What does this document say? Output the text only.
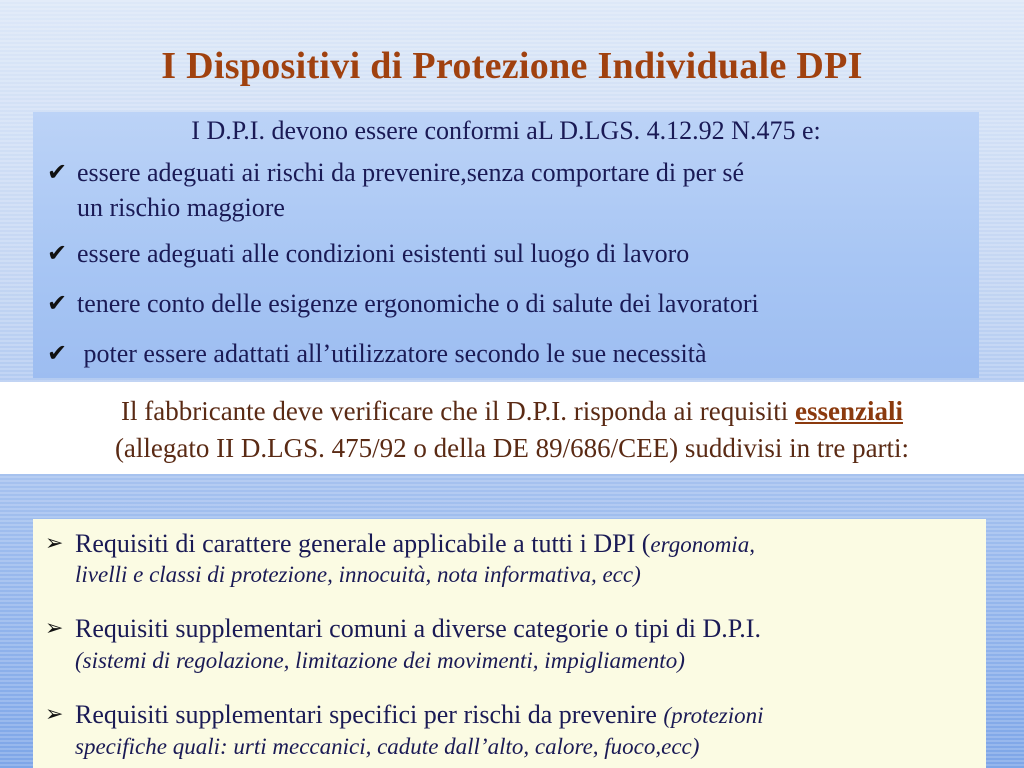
I Dispositivi di Protezione Individuale DPI
I D.P.I. devono essere conformi aL D.LGS. 4.12.92 N.475 e:
✔ essere adeguati ai rischi da prevenire,senza comportare di per sé
un rischio maggiore
✔ essere adeguati alle condizioni esistenti sul luogo di lavoro
✔ tenere conto delle esigenze ergonomiche o di salute dei lavoratori
✔ poter essere adattati all’utilizzatore secondo le sue necessità
Il fabbricante deve verificare che il D.P.I. risponda ai requisiti essenziali
(allegato II D.LGS. 475/92 o della DE 89/686/CEE) suddivisi in tre parti:
➢ Requisiti di carattere generale applicabile a tutti i DPI (ergonomia,
livelli e classi di protezione, innocuità, nota informativa, ecc)
➢ Requisiti supplementari comuni a diverse categorie o tipi di D.P.I.
(sistemi di regolazione, limitazione dei movimenti, impigliamento)
➢ Requisiti supplementari specifici per rischi da prevenire (protezioni
specifiche quali: urti meccanici, cadute dall’alto, calore, fuoco,ecc)
